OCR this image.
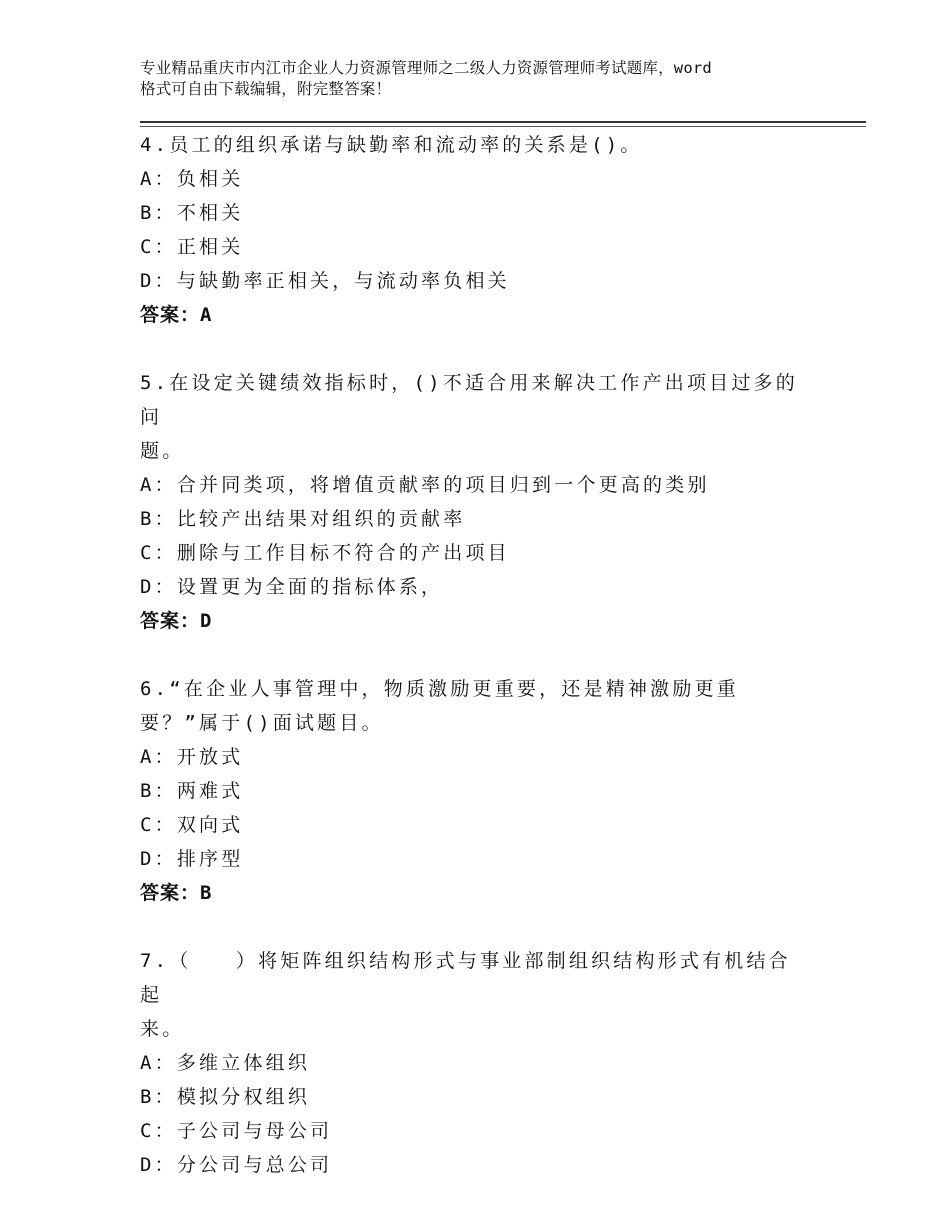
专业精品重庆市内江市企业人力资源管理师之二级人力资源管理师考试题库，word
格式可自由下载编辑，附完整答案！
4.员工的组织承诺与缺勤率和流动率的关系是()。
A：负相关
B：不相关
C：正相关
D：与缺勤率正相关，与流动率负相关
答案：A
5.在设定关键绩效指标时，()不适合用来解决工作产出项目过多的问
题。
A：合并同类项，将增值贡献率的项目归到一个更高的类别
B：比较产出结果对组织的贡献率
C：删除与工作目标不符合的产出项目
D：设置更为全面的指标体系，
答案：D
6.“在企业人事管理中，物质激励更重要，还是精神激励更重
要？”属于()面试题目。
A：开放式
B：两难式
C：双向式
D：排序型
答案：B
7.（　　）将矩阵组织结构形式与事业部制组织结构形式有机结合起
来。
A：多维立体组织
B：模拟分权组织
C：子公司与母公司
D：分公司与总公司
